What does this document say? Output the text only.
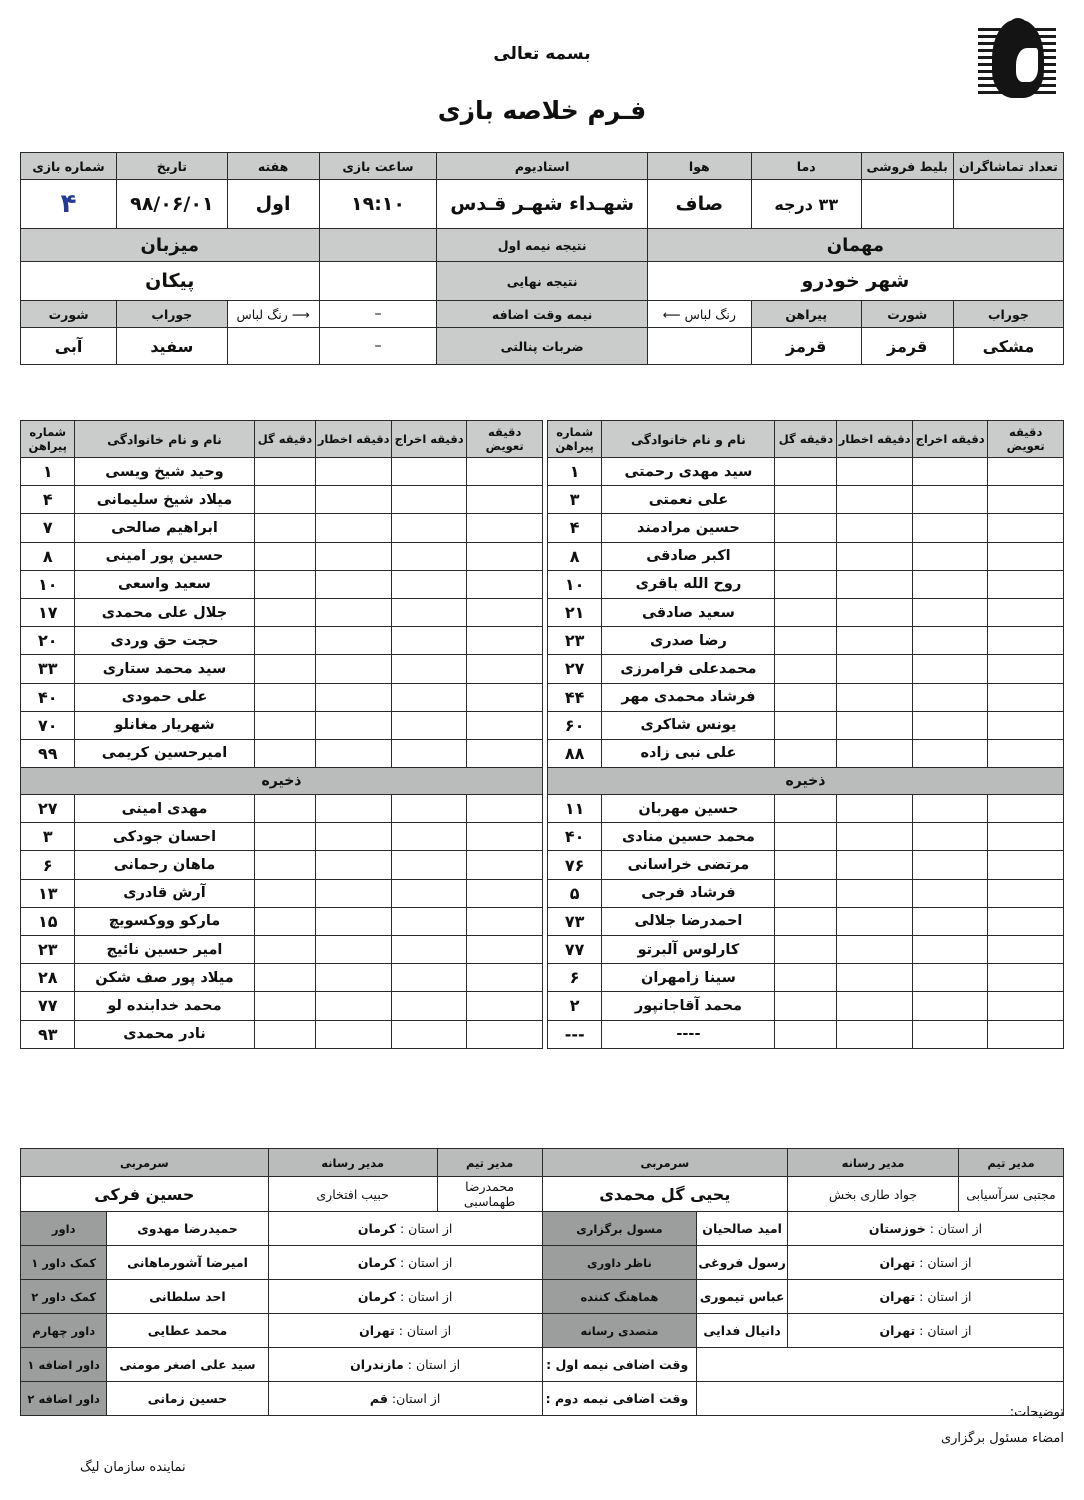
بسمه تعالی
فـرم خلاصه بازی
تعداد تماشاگران	بلیط فروشی	دما	هوا	استادیوم	ساعت بازی	هفته	تاریخ	شماره بازی
		۳۳ درجه	صاف	شهـداء شهـر قـدس	۱۹:۱۰	اول	۹۸/۰۶/۰۱	۴
مهمان				نتیجه نیمه اول		میزبان		
شهر خودرو				نتیجه نهایی		پیکان		
جوراب	شورت	پیراهن	رنگ لباس ⟵	نیمه وقت اضافه	–	⟶ رنگ لباس	جوراب	شورت
مشکی	قرمز	قرمز		ضربات پنالتی	–		سفید	آبی
دقیقه تعویض	دقیقه اخراج	دقیقه اخطار	دقیقه گل	نام و نام خانوادگی	شماره پیراهن
				سید مهدی رحمتی	۱
				علی نعمتی	۳
				حسین مرادمند	۴
				اکبر صادقی	۸
				روح الله باقری	۱۰
				سعید صادقی	۲۱
				رضا صدری	۲۳
				محمدعلی فرامرزی	۲۷
				فرشاد محمدی مهر	۴۴
				یونس شاکری	۶۰
				علی نبی زاده	۸۸
ذخیره					
				حسین مهربان	۱۱
				محمد حسین منادی	۴۰
				مرتضی خراسانی	۷۶
				فرشاد فرجی	۵
				احمدرضا جلالی	۷۳
				کارلوس آلبرتو	۷۷
				سینا زامهران	۶
				محمد آقاجانپور	۲
				----	---
دقیقه تعویض	دقیقه اخراج	دقیقه اخطار	دقیقه گل	نام و نام خانوادگی	شماره پیراهن
				وحید شیخ ویسی	۱
				میلاد شیخ سلیمانی	۴
				ابراهیم صالحی	۷
				حسین پور امینی	۸
				سعید واسعی	۱۰
				جلال علی محمدی	۱۷
				حجت حق وردی	۲۰
				سید محمد ستاری	۳۳
				علی حمودی	۴۰
				شهریار مغانلو	۷۰
				امیرحسین کریمی	۹۹
ذخیره					
				مهدی امینی	۲۷
				احسان جودکی	۳
				ماهان رحمانی	۶
				آرش قادری	۱۳
				مارکو ووکسویچ	۱۵
				امیر حسین نائیج	۲۳
				میلاد پور صف شکن	۲۸
				محمد خدابنده لو	۷۷
				نادر محمدی	۹۳
مدیر تیم	مدیر رسانه	سرمربی		مدیر تیم	مدیر رسانه	سرمربی	
مجتبی سرآسیابی	جواد طاری بخش	یحیی گل محمدی		محمدرضا طهماسبی	حبیب افتخاری	حسین فرکی	
از استان : خوزستان		امید صالحیان	مسول برگزاری	از استان : کرمان		حمیدرضا مهدوی	داور
از استان : تهران		رسول فروغی	ناظر داوری	از استان : کرمان		امیرضا آشورماهانی	کمک داور ۱
از استان : تهران		عباس تیموری	هماهنگ کننده	از استان : کرمان		احد سلطانی	کمک داور ۲
از استان : تهران		دانیال فدایی	متصدی رسانه	از استان : تهران		محمد عطایی	داور چهارم
			وقت اضافی نیمه اول :	از استان : مازندران		سید علی اصغر مومنی	داور اضافه ۱
			وقت اضافی نیمه دوم :	از استان: قم		حسین زمانی	داور اضافه ۲
توضیحات:
امضاء مسئول برگزاری
نماینده سازمان لیگ
